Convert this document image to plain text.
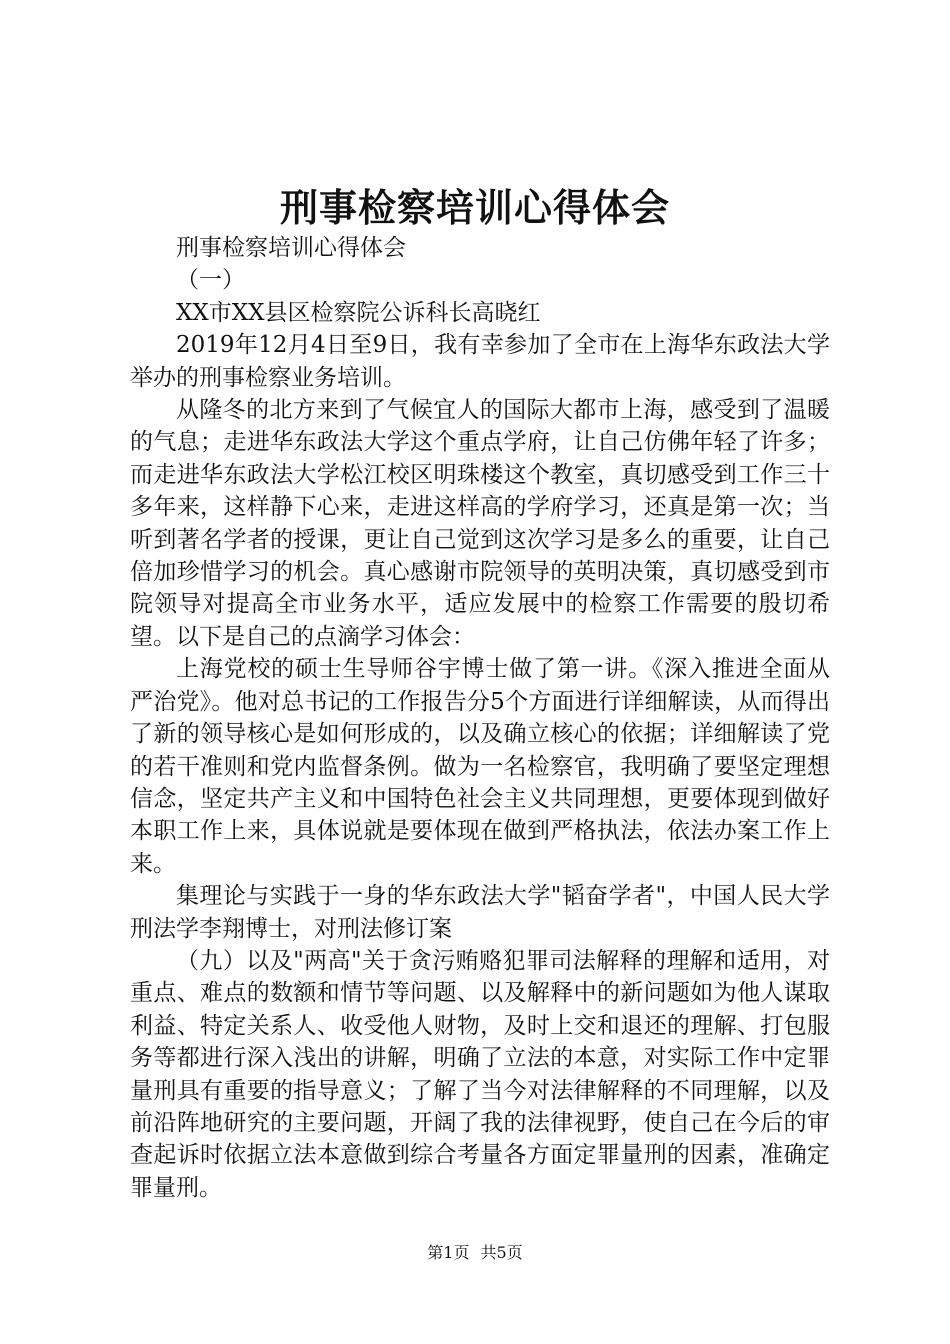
刑事检察培训心得体会

刑事检察培训心得体会

（一）

XX市XX县区检察院公诉科长高晓红

2019年12月4日至9日，我有幸参加了全市在上海华东政法大学举办的刑事检察业务培训。

从隆冬的北方来到了气候宜人的国际大都市上海，感受到了温暖的气息；走进华东政法大学这个重点学府，让自己仿佛年轻了许多；而走进华东政法大学松江校区明珠楼这个教室，真切感受到工作三十多年来，这样静下心来，走进这样高的学府学习，还真是第一次；当听到著名学者的授课，更让自己觉到这次学习是多么的重要，让自己倍加珍惜学习的机会。真心感谢市院领导的英明决策，真切感受到市院领导对提高全市业务水平，适应发展中的检察工作需要的殷切希望。以下是自己的点滴学习体会：

上海党校的硕士生导师谷宇博士做了第一讲。《深入推进全面从严治党》。他对总书记的工作报告分5个方面进行详细解读，从而得出了新的领导核心是如何形成的，以及确立核心的依据；详细解读了党的若干准则和党内监督条例。做为一名检察官，我明确了要坚定理想信念，坚定共产主义和中国特色社会主义共同理想，更要体现到做好本职工作上来，具体说就是要体现在做到严格执法，依法办案工作上来。

集理论与实践于一身的华东政法大学"韬奋学者"，中国人民大学刑法学李翔博士，对刑法修订案

（九）以及"两高"关于贪污贿赂犯罪司法解释的理解和适用，对重点、难点的数额和情节等问题、以及解释中的新问题如为他人谋取利益、特定关系人、收受他人财物，及时上交和退还的理解、打包服务等都进行深入浅出的讲解，明确了立法的本意，对实际工作中定罪量刑具有重要的指导意义；了解了当今对法律解释的不同理解，以及前沿阵地研究的主要问题，开阔了我的法律视野，使自己在今后的审查起诉时依据立法本意做到综合考量各方面定罪量刑的因素，准确定罪量刑。

第1页 共5页
